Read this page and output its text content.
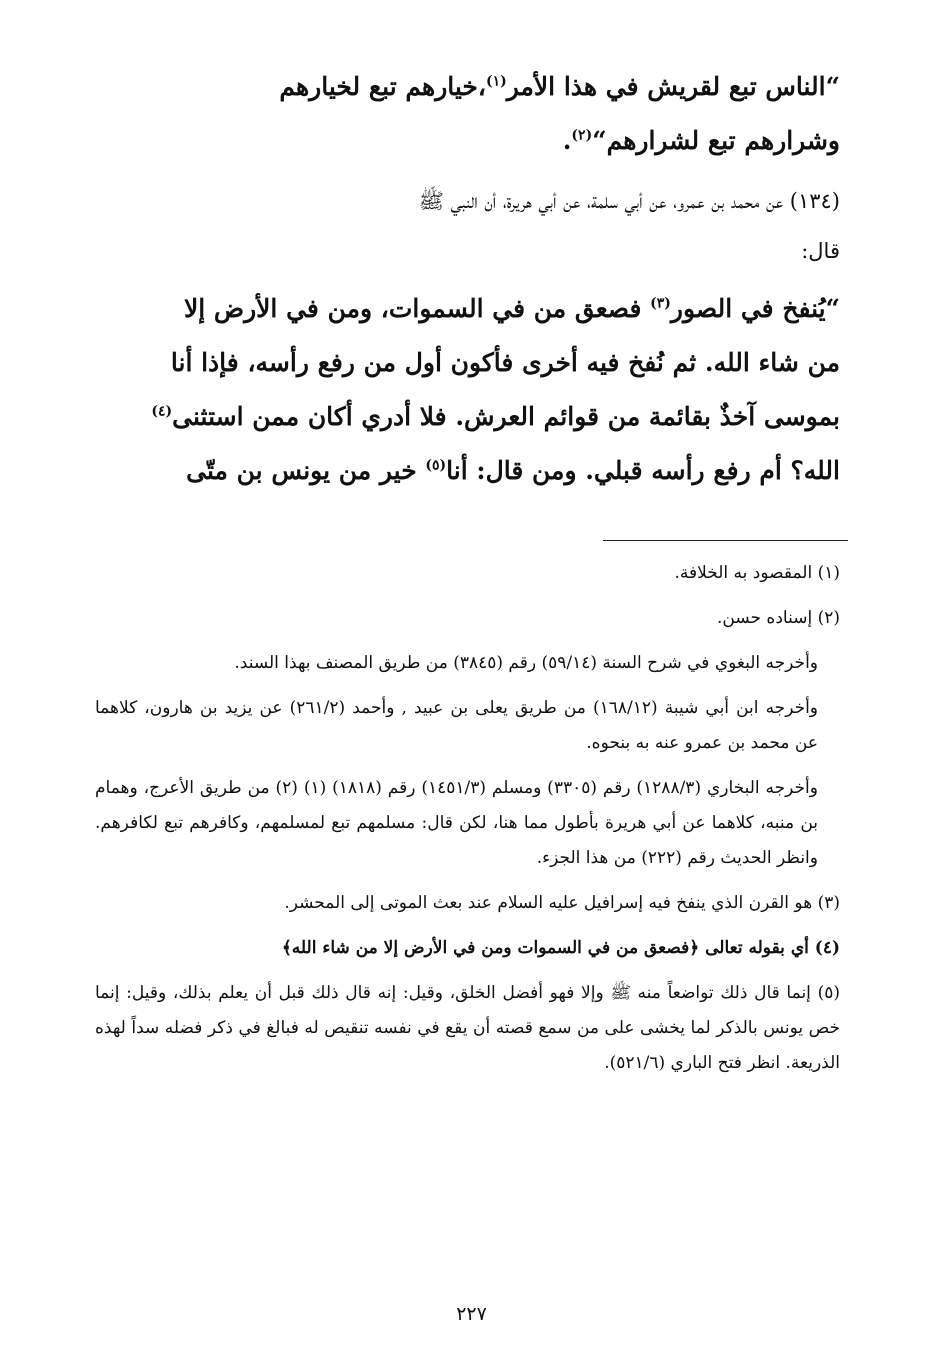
“الناس تبع لقريش في هذا الأمر$^{(١)}$،خيارهم تبع لخيارهم

وشرارهم تبع لشرارهم“$^{(٢)}$.

(١٣٤) عن محمد بن عمرو، عن أبي سلمة، عن أبي هريرة، أن النبي ﷺ

قال:

“يُنفخ في الصور$^{(٣)}$ فصعق من في السموات، ومن في الأرض إلا

من شاء الله. ثم نُفخ فيه أخرى فأكون أول من رفع رأسه، فإذا أنا

بموسى آخذٌ بقائمة من قوائم العرش. فلا أدري أكان ممن استثنى$^{(٤)}$

الله؟ أم رفع رأسه قبلي. ومن قال: أنا$^{(٥)}$ خير من يونس بن متّى

(١) المقصود به الخلافة.

(٢) إسناده حسن.

وأخرجه البغوي في شرح السنة (٥٩/١٤) رقم (٣٨٤٥) من طريق المصنف بهذا السند.

وأخرجه ابن أبي شيبة (١٦٨/١٢) من طريق يعلى بن عبيد , وأحمد (٢٦١/٢) عن يزيد بن هارون، كلاهما عن محمد بن عمرو عنه به بنحوه.

وأخرجه البخاري (١٢٨٨/٣) رقم (٣٣٠٥) ومسلم (١٤٥١/٣) رقم (١٨١٨) (١) (٢) من طريق الأعرج، وهمام بن منبه، كلاهما عن أبي هريرة بأطول مما هنا، لكن قال: مسلمهم تبع لمسلمهم، وكافرهم تبع لكافرهم. وانظر الحديث رقم (٢٢٢) من هذا الجزء.

(٣) هو القرن الذي ينفخ فيه إسرافيل عليه السلام عند بعث الموتى إلى المحشر.

(٤) أي بقوله تعالى ﴿فصعق من في السموات ومن في الأرض إلا من شاء الله﴾

(٥) إنما قال ذلك تواضعاً منه ﷺ وإلا فهو أفضل الخلق، وقيل: إنه قال ذلك قبل أن يعلم بذلك، وقيل: إنما خص يونس بالذكر لما يخشى على من سمع قصته أن يقع في نفسه تنقيص له فبالغ في ذكر فضله سداً لهذه الذريعة. انظر فتح الباري (٥٢١/٦).

٢٢٧
